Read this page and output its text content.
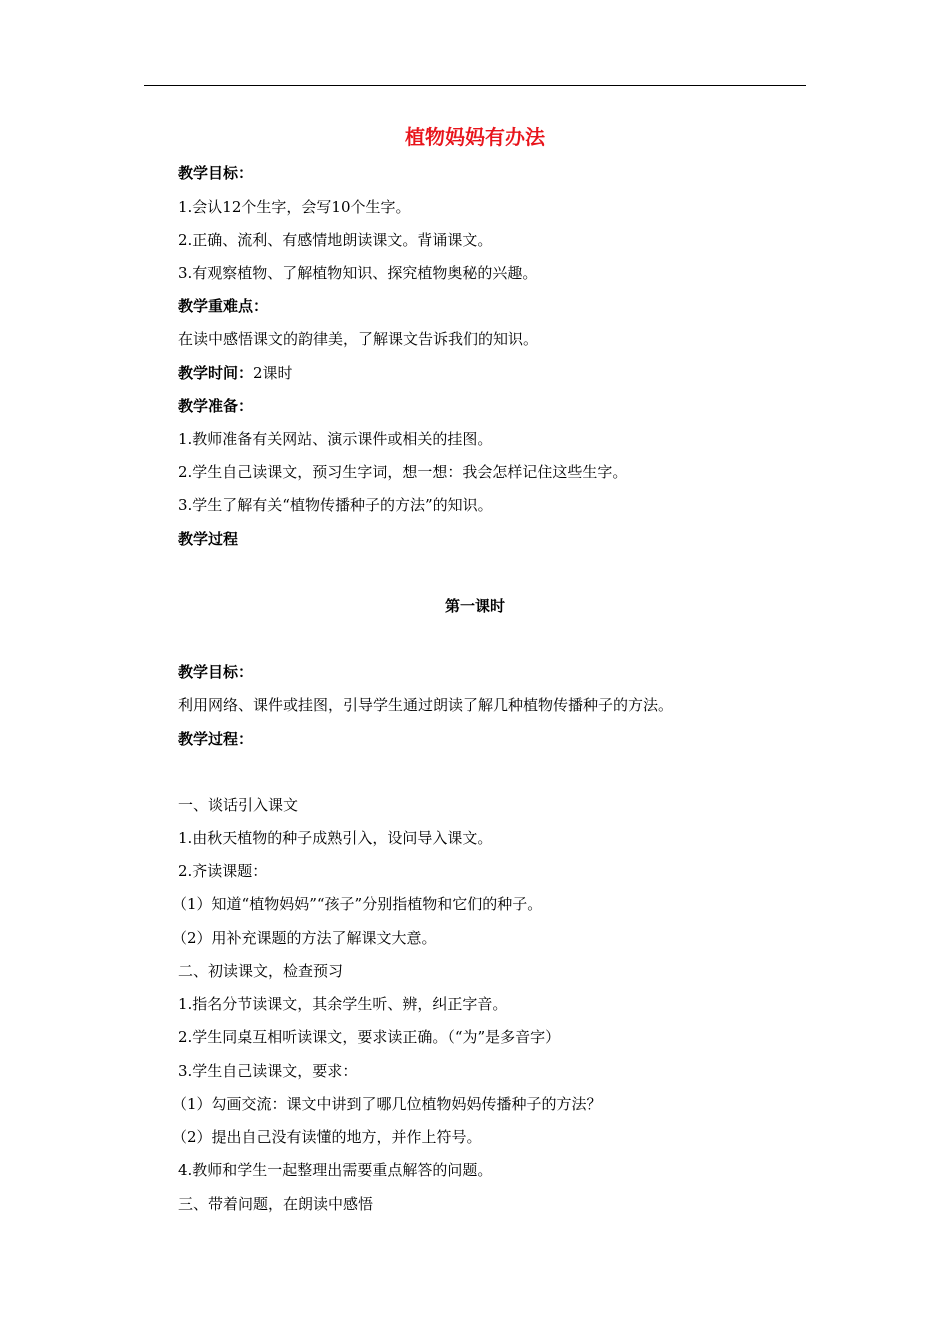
植物妈妈有办法
教学目标：
1.会认12个生字，会写10个生字。
2.正确、流利、有感情地朗读课文。背诵课文。
3.有观察植物、了解植物知识、探究植物奥秘的兴趣。
教学重难点：
在读中感悟课文的韵律美，了解课文告诉我们的知识。
教学时间：2课时
教学准备：
1.教师准备有关网站、演示课件或相关的挂图。
2.学生自己读课文，预习生字词，想一想：我会怎样记住这些生字。
3.学生了解有关“植物传播种子的方法”的知识。
教学过程
第一课时
教学目标：
利用网络、课件或挂图，引导学生通过朗读了解几种植物传播种子的方法。
教学过程：
一、谈话引入课文
1.由秋天植物的种子成熟引入，设问导入课文。
2.齐读课题：
（1）知道“植物妈妈”“孩子”分别指植物和它们的种子。
（2）用补充课题的方法了解课文大意。
二、初读课文，检查预习
1.指名分节读课文，其余学生听、辨，纠正字音。
2.学生同桌互相听读课文，要求读正确。（“为”是多音字）
3.学生自己读课文，要求：
（1）勾画交流：课文中讲到了哪几位植物妈妈传播种子的方法？
（2）提出自己没有读懂的地方，并作上符号。
4.教师和学生一起整理出需要重点解答的问题。
三、带着问题，在朗读中感悟
